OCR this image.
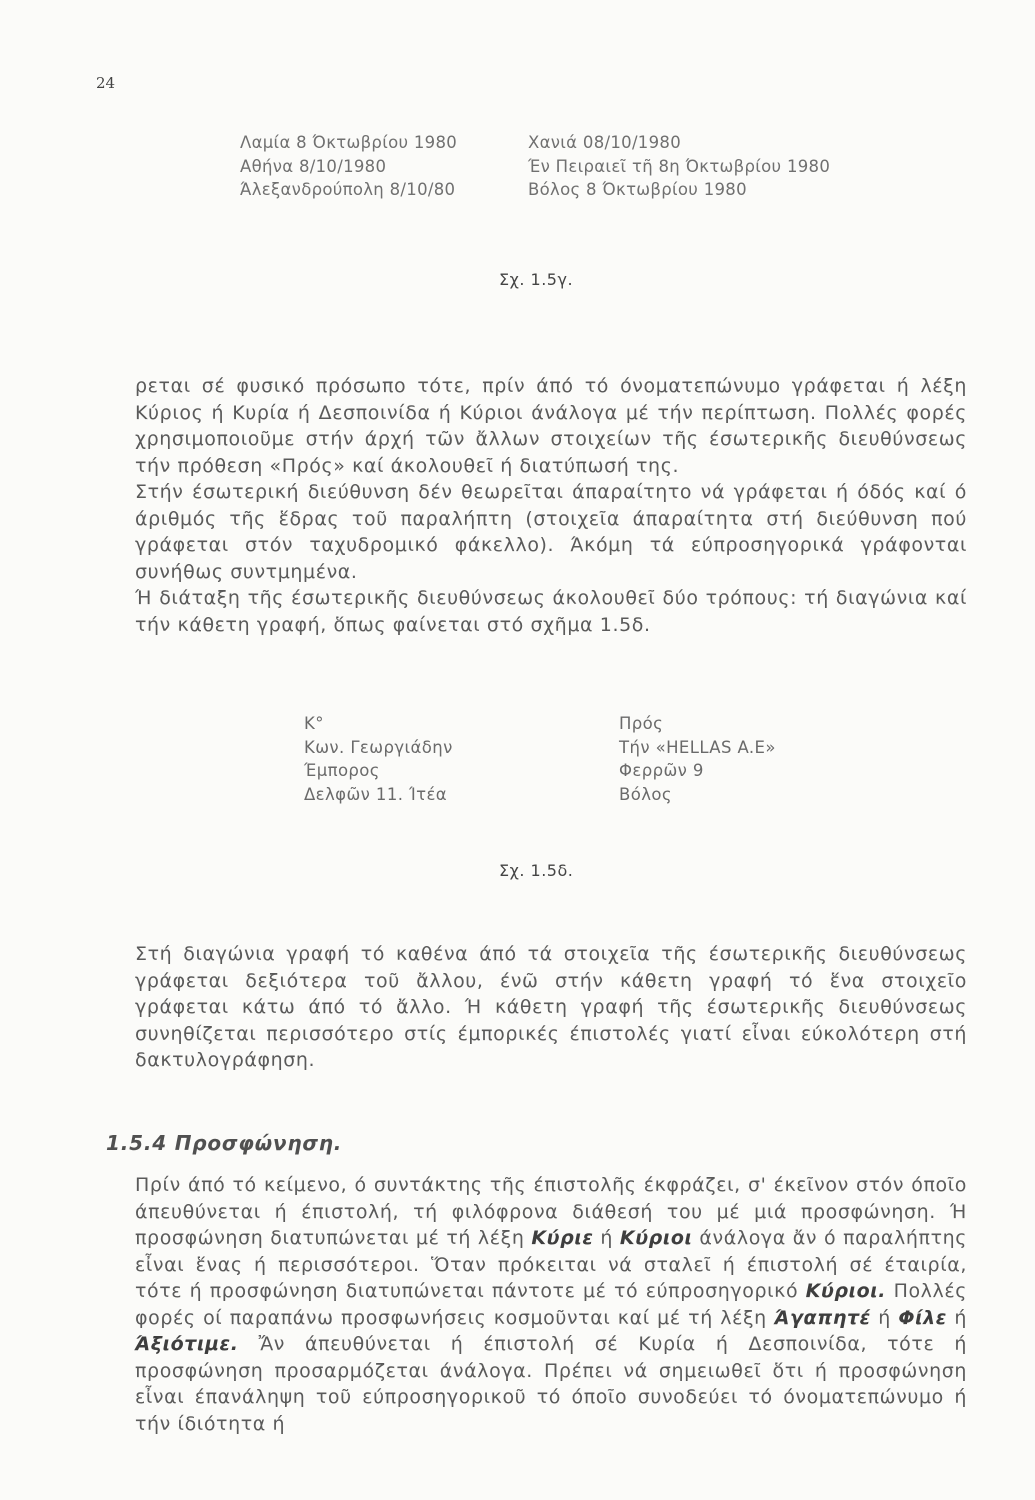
24
Λαμία 8 Όκτωβρίου 1980
Αθήνα 8/10/1980
Άλεξανδρούπολη 8/10/80
Χανιά 08/10/1980
Έν Πειραιεῖ τῆ 8η Όκτωβρίου 1980
Βόλος 8 Όκτωβρίου 1980
Σχ. 1.5γ.

ρεται σέ φυσικό πρόσωπο τότε, πρίν άπό τό όνοματεπώνυμο γράφεται ή λέξη Κύριος ή Κυρία ή Δεσποινίδα ή Κύριοι άνάλογα μέ τήν περίπτωση. Πολλές φορές χρησιμοποιοῦμε στήν άρχή τῶν ἄλλων στοιχείων τῆς έσωτερικῆς διευθύνσεως τήν πρόθεση «Πρός» καί άκολουθεῖ ή διατύπωσή της.

Στήν έσωτερική διεύθυνση δέν θεωρεῖται άπαραίτητο νά γράφεται ή όδός καί ό άριθμός τῆς ἕδρας τοῦ παραλήπτη (στοιχεῖα άπαραίτητα στή διεύθυνση πού γράφεται στόν ταχυδρομικό φάκελλο). Άκόμη τά εύπροσηγορικά γράφονται συνήθως συντμημένα.

Ή διάταξη τῆς έσωτερικῆς διευθύνσεως άκολουθεῖ δύο τρόπους: τή διαγώνια καί τήν κάθετη γραφή, ὅπως φαίνεται στό σχῆμα 1.5δ.

Κ°
Κων. Γεωργιάδην
Έμπορος
Δελφῶν 11. Ίτέα
Πρός
Τήν «HELLAS A.E»
Φερρῶν 9
Βόλος
Σχ. 1.5δ.

Στή διαγώνια γραφή τό καθένα άπό τά στοιχεῖα τῆς έσωτερικῆς διευθύνσεως γράφεται δεξιότερα τοῦ ἄλλου, ένῶ στήν κάθετη γραφή τό ἕνα στοιχεῖο γράφεται κάτω άπό τό ἄλλο. Ή κάθετη γραφή τῆς έσωτερικῆς διευθύνσεως συνηθίζεται περισσότερο στίς έμπορικές έπιστολές γιατί εἶναι εύκολότερη στή δακτυλογράφηση.

1.5.4 Προσφώνηση.

Πρίν άπό τό κείμενο, ό συντάκτης τῆς έπιστολῆς έκφράζει, σ' έκεῖνον στόν όποῖο άπευθύνεται ή έπιστολή, τή φιλόφρονα διάθεσή του μέ μιά προσφώνηση. Ή προσφώνηση διατυπώνεται μέ τή λέξη Κύριε ή Κύριοι άνάλογα ἄν ό παραλήπτης εἶναι ἕνας ή περισσότεροι. Ὅταν πρόκειται νά σταλεῖ ή έπιστολή σέ έταιρία, τότε ή προσφώνηση διατυπώνεται πάντοτε μέ τό εύπροσηγορικό Κύριοι. Πολλές φορές οί παραπάνω προσφωνήσεις κοσμοῦνται καί μέ τή λέξη Άγαπητέ ή Φίλε ή Άξιότιμε. Ἄν άπευθύνεται ή έπιστολή σέ Κυρία ή Δεσποινίδα, τότε ή προσφώνηση προσαρμόζεται άνάλογα. Πρέπει νά σημειωθεῖ ὅτι ή προσφώνηση εἶναι έπανάληψη τοῦ εύπροσηγορικοῦ τό όποῖο συνοδεύει τό όνοματεπώνυμο ή τήν ίδιότητα ή
